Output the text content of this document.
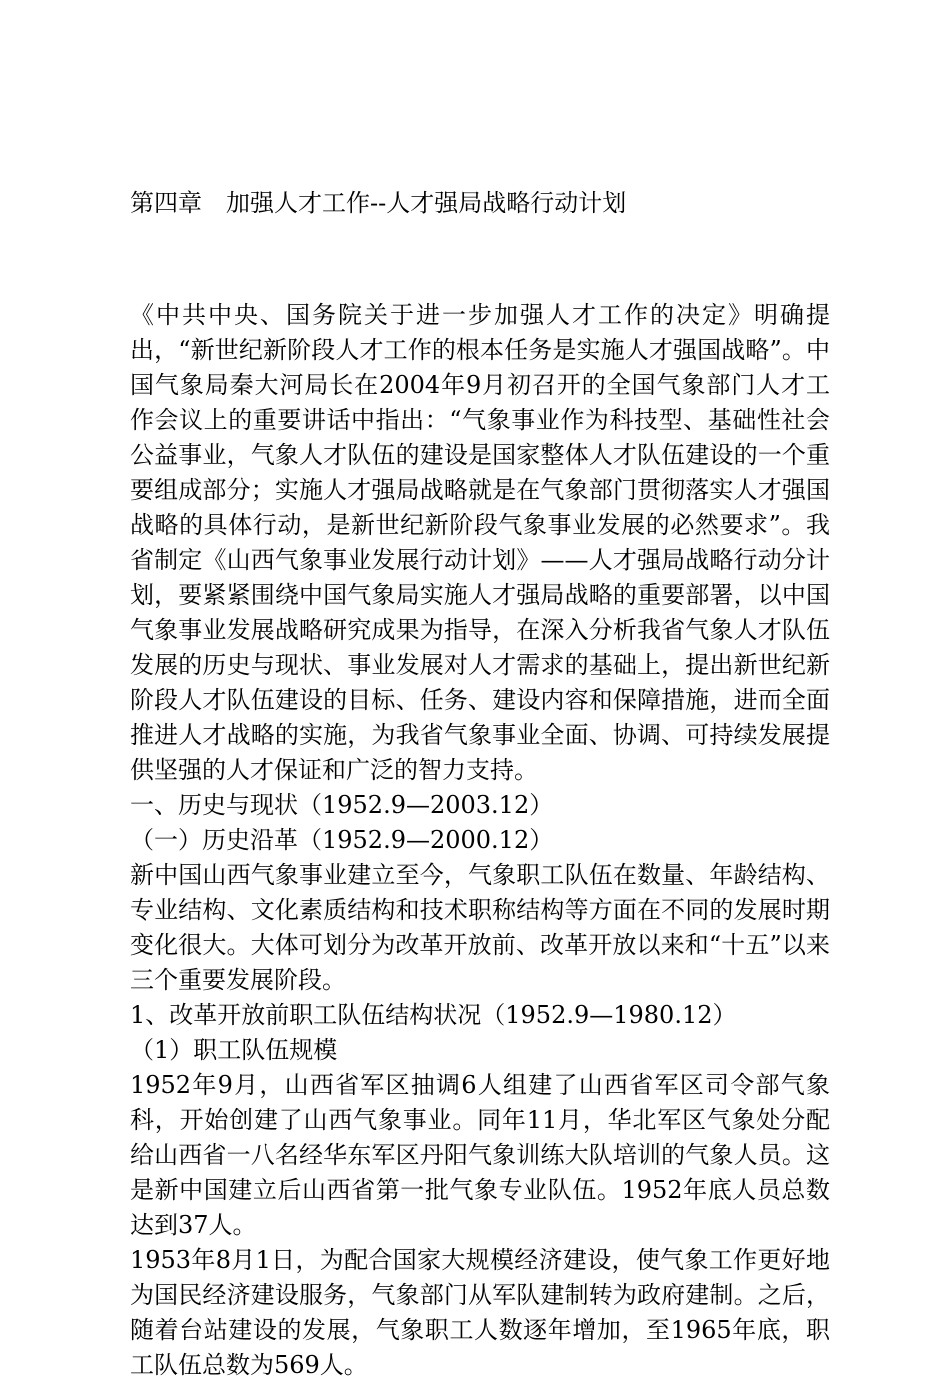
第四章　加强人才工作--人才强局战略行动计划

《中共中央、国务院关于进一步加强人才工作的决定》明确提出，“新世纪新阶段人才工作的根本任务是实施人才强国战略”。中国气象局秦大河局长在2004年9月初召开的全国气象部门人才工作会议上的重要讲话中指出：“气象事业作为科技型、基础性社会公益事业，气象人才队伍的建设是国家整体人才队伍建设的一个重要组成部分；实施人才强局战略就是在气象部门贯彻落实人才强国战略的具体行动，是新世纪新阶段气象事业发展的必然要求”。我省制定《山西气象事业发展行动计划》——人才强局战略行动分计划，要紧紧围绕中国气象局实施人才强局战略的重要部署，以中国气象事业发展战略研究成果为指导，在深入分析我省气象人才队伍发展的历史与现状、事业发展对人才需求的基础上，提出新世纪新阶段人才队伍建设的目标、任务、建设内容和保障措施，进而全面推进人才战略的实施，为我省气象事业全面、协调、可持续发展提供坚强的人才保证和广泛的智力支持。

一、历史与现状（1952.9—2003.12）
（一）历史沿革（1952.9—2000.12）

新中国山西气象事业建立至今，气象职工队伍在数量、年龄结构、专业结构、文化素质结构和技术职称结构等方面在不同的发展时期变化很大。大体可划分为改革开放前、改革开放以来和“十五”以来三个重要发展阶段。

1、改革开放前职工队伍结构状况（1952.9—1980.12）
（1）职工队伍规模

1952年9月，山西省军区抽调6人组建了山西省军区司令部气象科，开始创建了山西气象事业。同年11月，华北军区气象处分配给山西省一八名经华东军区丹阳气象训练大队培训的气象人员。这是新中国建立后山西省第一批气象专业队伍。1952年底人员总数达到37人。

1953年8月1日，为配合国家大规模经济建设，使气象工作更好地为国民经济建设服务，气象部门从军队建制转为政府建制。之后，随着台站建设的发展，气象职工人数逐年增加，至1965年底，职工队伍总数为569人。
